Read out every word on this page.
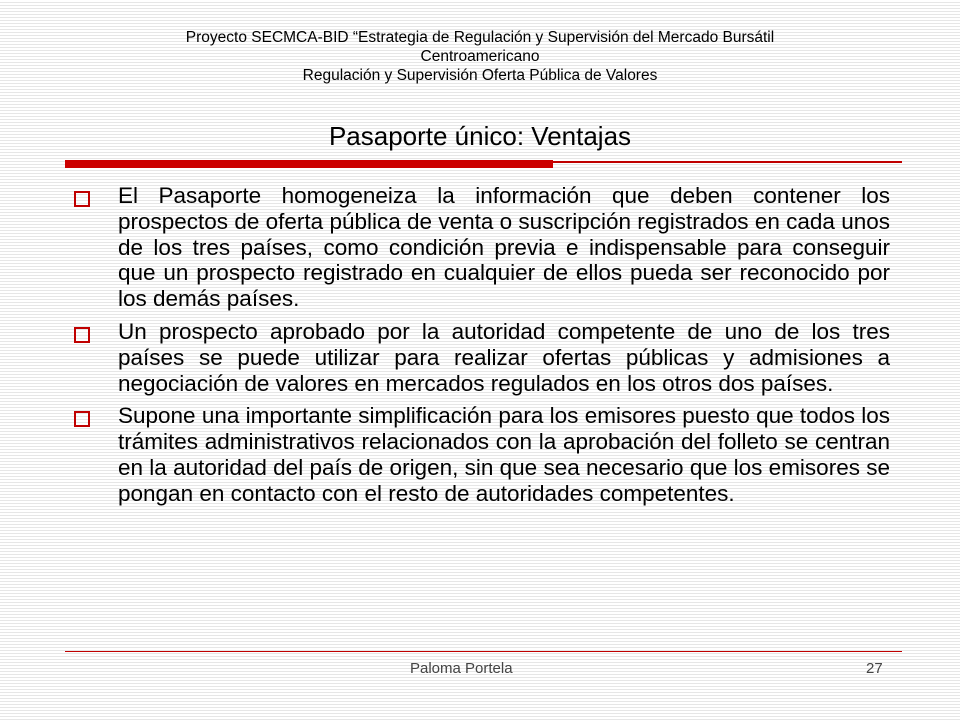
Proyecto SECMCA-BID “Estrategia de Regulación y Supervisión del Mercado Bursátil
Centroamericano
Regulación y Supervisión Oferta Pública de Valores
Pasaporte único: Ventajas
El Pasaporte homogeneiza la información que deben contener los prospectos de oferta pública de venta o suscripción registrados en cada unos de los tres países, como condición previa e indispensable para conseguir que un prospecto registrado en cualquier de ellos pueda ser reconocido por los demás países.
Un prospecto aprobado por la autoridad competente de uno de los tres países se puede utilizar para realizar ofertas públicas y admisiones a negociación de valores en mercados regulados en los otros dos países.
Supone una importante simplificación para los emisores puesto que todos los trámites administrativos relacionados con la aprobación del folleto se centran en la autoridad del país de origen, sin que sea necesario que los emisores se pongan en contacto con el resto de autoridades competentes.
Paloma Portela	27
